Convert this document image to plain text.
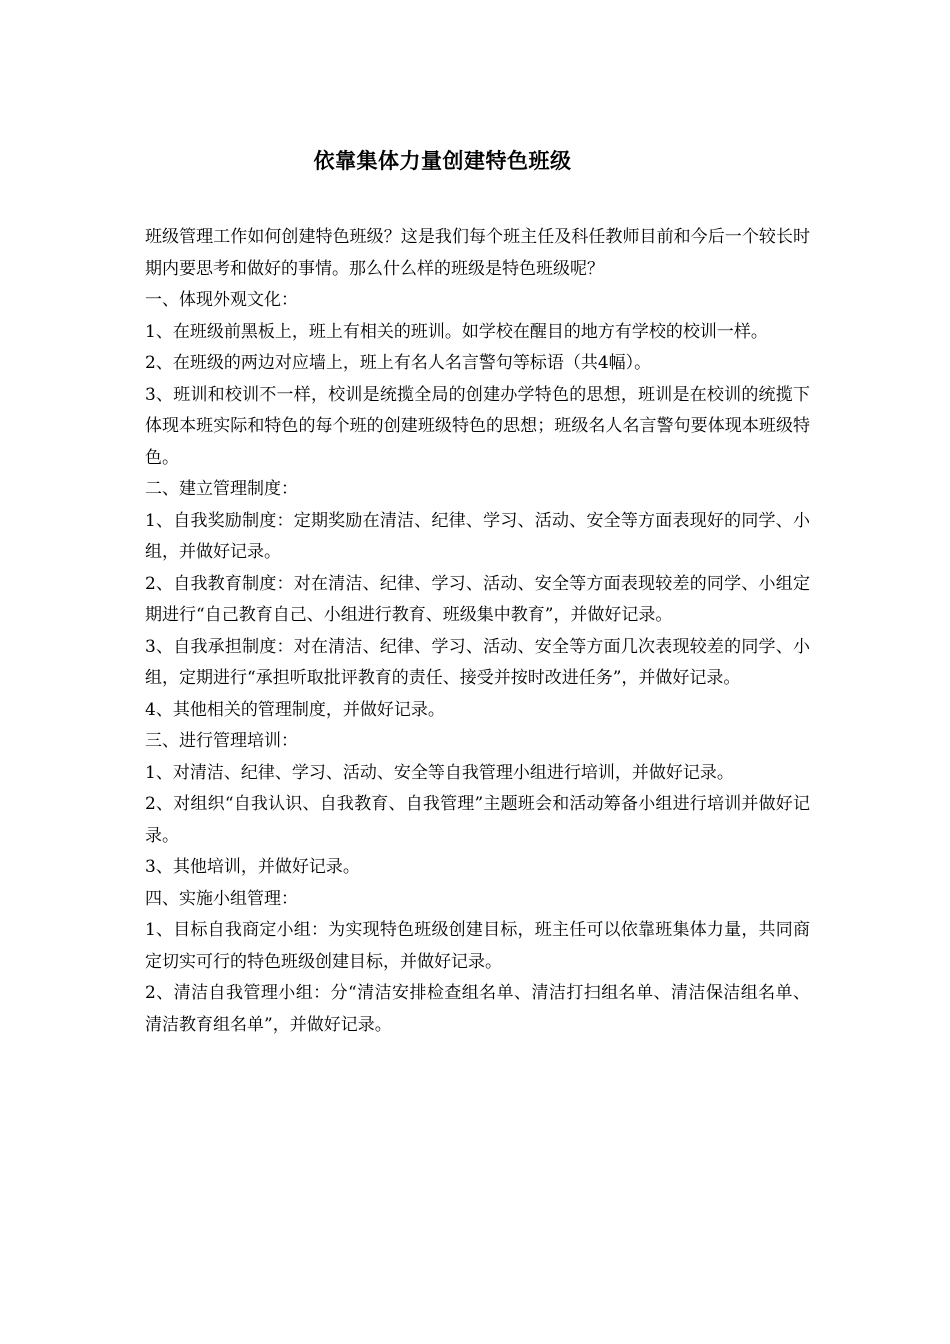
依靠集体力量创建特色班级

班级管理工作如何创建特色班级？这是我们每个班主任及科任教师目前和今后一个较长时期内要思考和做好的事情。那么什么样的班级是特色班级呢？

一、体现外观文化：

1、在班级前黑板上，班上有相关的班训。如学校在醒目的地方有学校的校训一样。

2、在班级的两边对应墙上，班上有名人名言警句等标语（共4幅）。

3、班训和校训不一样，校训是统揽全局的创建办学特色的思想，班训是在校训的统揽下体现本班实际和特色的每个班的创建班级特色的思想；班级名人名言警句要体现本班级特色。

二、建立管理制度：

1、自我奖励制度：定期奖励在清洁、纪律、学习、活动、安全等方面表现好的同学、小组，并做好记录。

2、自我教育制度：对在清洁、纪律、学习、活动、安全等方面表现较差的同学、小组定期进行“自己教育自己、小组进行教育、班级集中教育”，并做好记录。

3、自我承担制度：对在清洁、纪律、学习、活动、安全等方面几次表现较差的同学、小组，定期进行“承担听取批评教育的责任、接受并按时改进任务”，并做好记录。

4、其他相关的管理制度，并做好记录。

三、进行管理培训：

1、对清洁、纪律、学习、活动、安全等自我管理小组进行培训，并做好记录。

2、对组织“自我认识、自我教育、自我管理”主题班会和活动筹备小组进行培训并做好记录。

3、其他培训，并做好记录。

四、实施小组管理：

1、目标自我商定小组：为实现特色班级创建目标，班主任可以依靠班集体力量，共同商定切实可行的特色班级创建目标，并做好记录。

2、清洁自我管理小组：分“清洁安排检查组名单、清洁打扫组名单、清洁保洁组名单、清洁教育组名单”，并做好记录。
